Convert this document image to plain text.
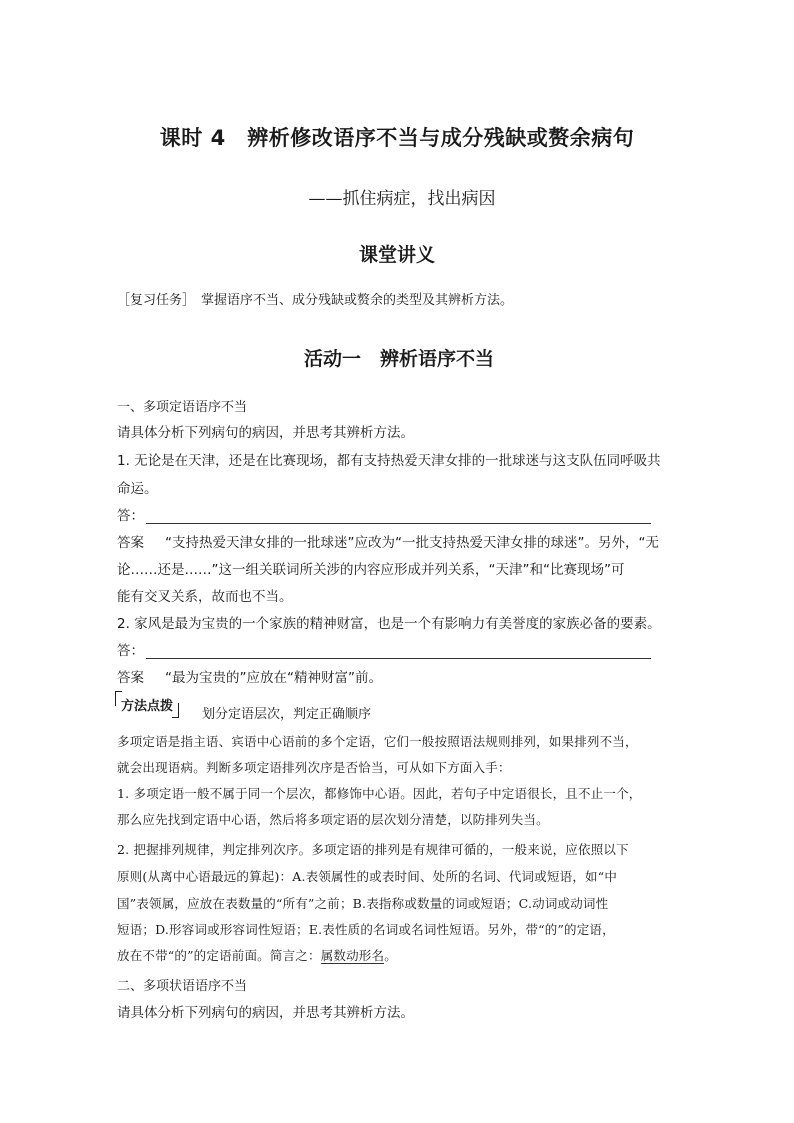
课时 4　辨析修改语序不当与成分残缺或赘余病句
——抓住病症，找出病因
课堂讲义
［复习任务］ 掌握语序不当、成分残缺或赘余的类型及其辨析方法。
活动一　辨析语序不当
一、多项定语语序不当
请具体分析下列病句的病因，并思考其辨析方法。
1. 无论是在天津，还是在比赛现场，都有支持热爱天津女排的一批球迷与这支队伍同呼吸共
命运。
答：
答案 “支持热爱天津女排的一批球迷”应改为“一批支持热爱天津女排的球迷”。另外，“无
论……还是……”这一组关联词所关涉的内容应形成并列关系，“天津”和“比赛现场”可
能有交叉关系，故而也不当。
2. 家风是最为宝贵的一个家族的精神财富，也是一个有影响力有美誉度的家族必备的要素。
答：
答案 “最为宝贵的”应放在“精神财富”前。
方法点拨
划分定语层次，判定正确顺序
多项定语是指主语、宾语中心语前的多个定语，它们一般按照语法规则排列，如果排列不当，
就会出现语病。判断多项定语排列次序是否恰当，可从如下方面入手：
1. 多项定语一般不属于同一个层次，都修饰中心语。因此，若句子中定语很长，且不止一个，
那么应先找到定语中心语，然后将多项定语的层次划分清楚，以防排列失当。
2. 把握排列规律，判定排列次序。多项定语的排列是有规律可循的，一般来说，应依照以下
原则(从离中心语最远的算起)：A.表领属性的或表时间、处所的名词、代词或短语，如“中
国”表领属，应放在表数量的“所有”之前；B.表指称或数量的词或短语；C.动词或动词性
短语；D.形容词或形容词性短语；E.表性质的名词或名词性短语。另外，带“的”的定语，
放在不带“的”的定语前面。简言之：属数动形名。
二、多项状语语序不当
请具体分析下列病句的病因，并思考其辨析方法。
